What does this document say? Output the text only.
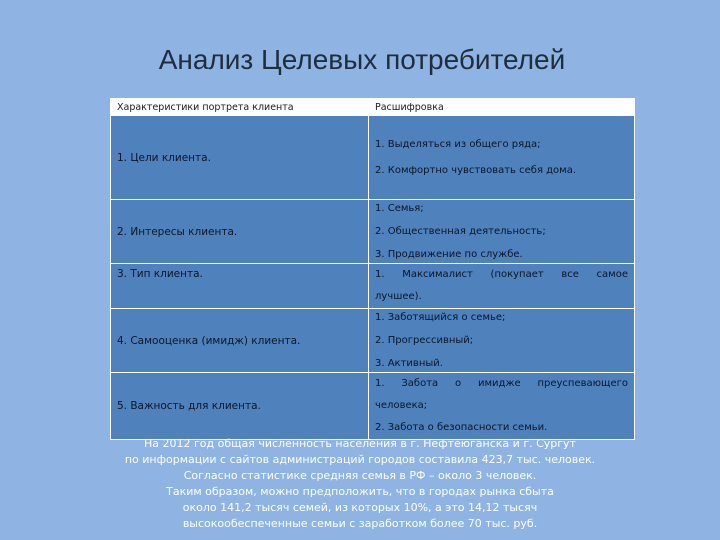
Анализ Целевых потребителей
Характеристики портрета клиента	Расшифровка
1. Цели клиента.	1. Выделяться из общего ряда;

2. Комфортно чувствовать себя дома.

2. Интересы клиента.	1. Семья;

2. Общественная деятельность;

3. Продвижение по службе.

3. Тип клиента.	1. Максималист (покупает все самое лучшее).

4. Самооценка (имидж) клиента.	1. Заботящийся о семье;

2. Прогрессивный;

3. Активный.

5. Важность для клиента.	1. Забота о имидже преуспевающего человека;

2. Забота о безопасности семьи.

На 2012 год общая численность населения в г. Нефтеюганска и г. Сургут
по информации с сайтов администраций городов составила 423,7 тыс. человек.
Согласно статистике средняя семья в РФ – около 3 человек.
Таким образом, можно предположить, что в городах рынка сбыта
около 141,2 тысяч семей, из которых 10%, а это 14,12 тысяч
высокообеспеченные семьи с заработком более 70 тыс. руб.
